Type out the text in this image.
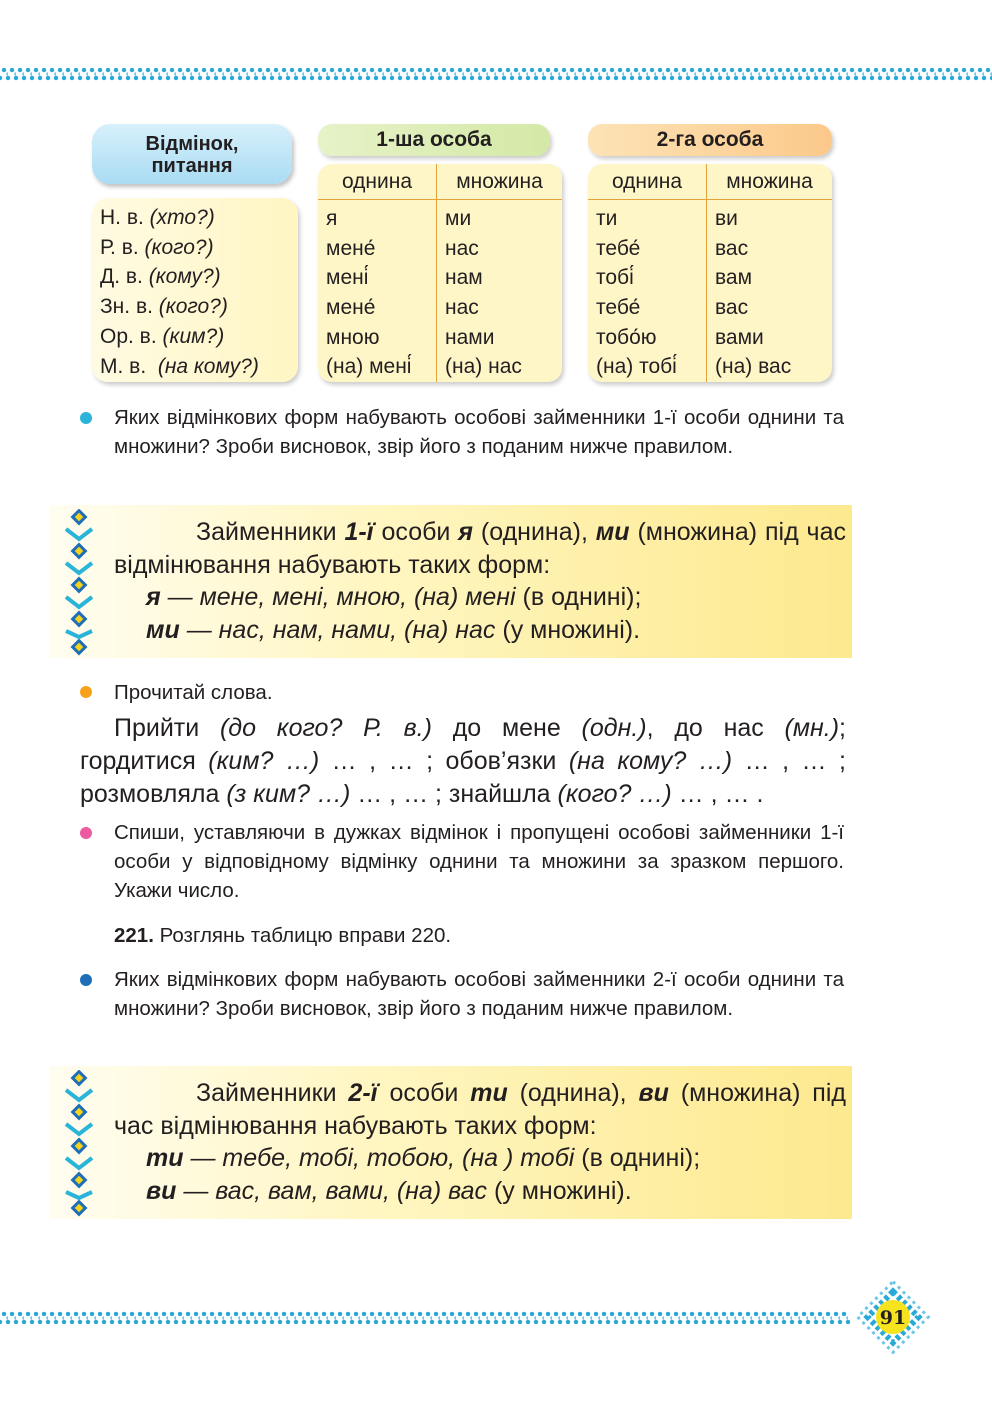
Відмінок,
питання
Н. в. (хто?)
Р. в. (кого?)
Д. в. (кому?)
Зн. в. (кого?)
Ор. в. (ким?)
М. в. (на кому?)
1-ша особа
однина
я
мене́
мені́
мене́
мною
(на) мені́
множина
ми
нас
нам
нас
нами
(на) нас
2-га особа
однина
ти
тебе́
тобі́
тебе́
тобо́ю
(на) тобі́
множина
ви
вас
вам
вас
вами
(на) вас
Яких відмінкових форм набувають особові займенники 1-ї особи однини та множини? Зроби висновок, звір його з поданим нижче правилом.
Займенники 1-ї особи я (однина), ми (множина) під час відмінювання набувають таких форм:
я — мене, мені, мною, (на) мені (в однині);
ми — нас, нам, нами, (на) нас (у множині).
Прочитай слова.
Прийти (до кого? Р. в.) до мене (одн.), до нас (мн.);
гордитися (ким? …) … , … ; обов’язки (на кому? …) … , … ;
розмовляла (з ким? …) … , … ; знайшла (кого? …) … , … .
Спиши, уставляючи в дужках відмінок і пропущені особові займенники 1-ї особи у відповідному відмінку однини та множини за зразком першого. Укажи число.
221. Розглянь таблицю вправи 220.
Яких відмінкових форм набувають особові займенники 2-ї особи однини та множини? Зроби висновок, звір його з поданим нижче правилом.
Займенники 2-ї особи ти (однина), ви (множина) під час відмінювання набувають таких форм:
ти — тебе, тобі, тобою, (на ) тобі (в однині);
ви — вас, вам, вами, (на) вас (у множині).
91
